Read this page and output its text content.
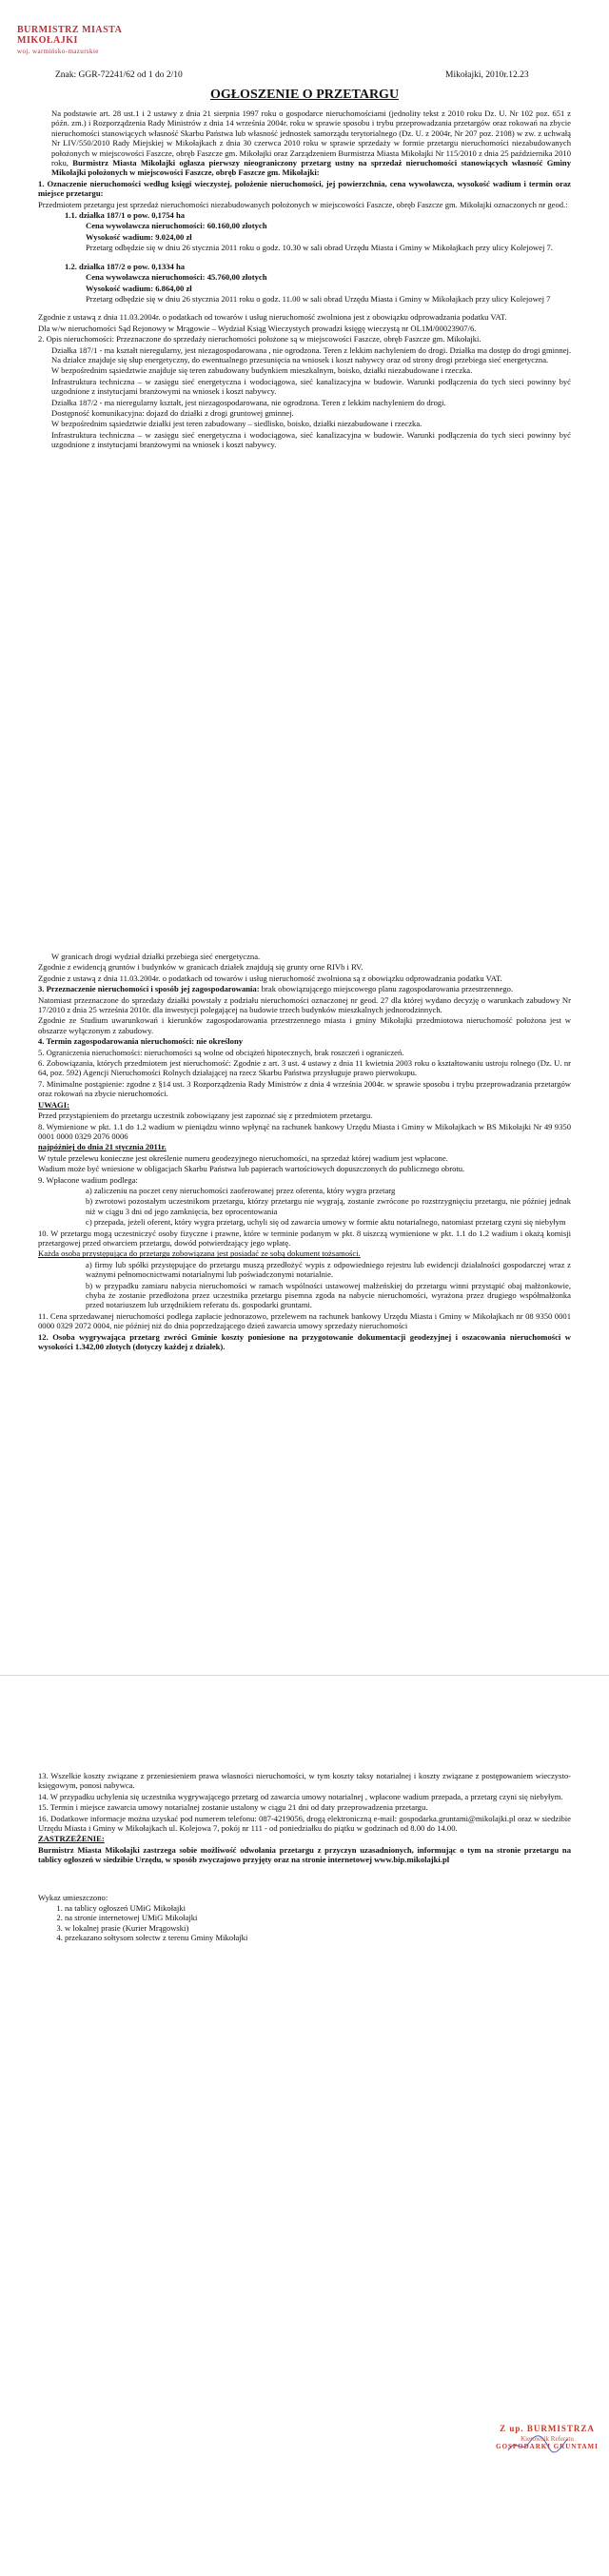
BURMISTRZ MIASTA MIKOŁAJKI
woj. warmińsko-mazurskie
Znak: GGR-72241/62 od 1 do 2/10	Mikołajki, 2010r.12.23
OGŁOSZENIE O PRZETARGU

Na podstawie art. 28 ust.1 i 2 ustawy z dnia 21 sierpnia 1997 roku o gospodarce nieruchomościami (jednolity tekst z 2010 roku Dz. U. Nr 102 poz. 651 z późn. zm.) i Rozporządzenia Rady Ministrów z dnia 14 września 2004r. roku w sprawie sposobu i trybu przeprowadzania przetargów oraz rokowań na zbycie nieruchomości stanowiących własność Skarbu Państwa lub własność jednostek samorządu terytorialnego (Dz. U. z 2004r, Nr 207 poz. 2108) w zw. z uchwałą Nr LIV/550/2010 Rady Miejskiej w Mikołajkach z dnia 30 czerwca 2010 roku w sprawie sprzedaży w formie przetargu nieruchomości niezabudowanych położonych w miejscowości Faszcze, obręb Faszcze gm. Mikołajki oraz Zarządzeniem Burmistrza Miasta Mikołajki Nr 115/2010 z dnia 25 października 2010 roku, Burmistrz Miasta Mikołajki ogłasza pierwszy nieograniczony przetarg ustny na sprzedaż nieruchomości stanowiących własność Gminy Mikołajki położonych w miejscowości Faszcze, obręb Faszcze gm. Mikołajki:

1. Oznaczenie nieruchomości według księgi wieczystej, położenie nieruchomości, jej powierzchnia, cena wywoławcza, wysokość wadium i termin oraz miejsce przetargu:

Przedmiotem przetargu jest sprzedaż nieruchomości niezabudowanych położonych w miejscowości Faszcze, obręb Faszcze gm. Mikołajki oznaczonych nr geod.:

1.1. działka 187/1 o pow. 0,1754 ha

Cena wywoławcza nieruchomości: 60.160,00 złotych

Wysokość wadium: 9.024,00 zł

Przetarg odbędzie się w dniu 26 stycznia 2011 roku o godz. 10.30 w sali obrad Urzędu Miasta i Gminy w Mikołajkach przy ulicy Kolejowej 7.

1.2. działka 187/2 o pow. 0,1334 ha

Cena wywoławcza nieruchomości: 45.760,00 złotych

Wysokość wadium: 6.864,00 zł

Przetarg odbędzie się w dniu 26 stycznia 2011 roku o godz. 11.00 w sali obrad Urzędu Miasta i Gminy w Mikołajkach przy ulicy Kolejowej 7

Zgodnie z ustawą z dnia 11.03.2004r. o podatkach od towarów i usług nieruchomość zwolniona jest z obowiązku odprowadzania podatku VAT.

Dla w/w nieruchomości Sąd Rejonowy w Mrągowie – Wydział Ksiąg Wieczystych prowadzi księgę wieczystą nr OL1M/00023907/6.

2. Opis nieruchomości: Przeznaczone do sprzedaży nieruchomości położone są w miejscowości Faszcze, obręb Faszcze gm. Mikołajki.

Działka 187/1 - ma kształt nieregularny, jest niezagospodarowana , nie ogrodzona. Teren z lekkim nachyleniem do drogi. Działka ma dostęp do drogi gminnej. Na działce znajduje się słup energetyczny, do ewentualnego przesunięcia na wniosek i koszt nabywcy oraz od strony drogi przebiega sieć energetyczna.

W bezpośrednim sąsiedztwie znajduje się teren zabudowany budynkiem mieszkalnym, boisko, działki niezabudowane i rzeczka.

Infrastruktura techniczna – w zasięgu sieć energetyczna i wodociągowa, sieć kanalizacyjna w budowie. Warunki podłączenia do tych sieci powinny być uzgodnione z instytucjami branżowymi na wniosek i koszt nabywcy.

Działka 187/2 - ma nieregularny kształt, jest niezagospodarowana, nie ogrodzona. Teren z lekkim nachyleniem do drogi.

Dostępność komunikacyjna: dojazd do działki z drogi gruntowej gminnej.

W bezpośrednim sąsiedztwie działki jest teren zabudowany – siedlisko, boisko, działki niezabudowane i rzeczka.

Infrastruktura techniczna – w zasięgu sieć energetyczna i wodociągowa, sieć kanalizacyjna w budowie. Warunki podłączenia do tych sieci powinny być uzgodnione z instytucjami branżowymi na wniosek i koszt nabywcy.

W granicach drogi wydział działki przebiega sieć energetyczna.

Zgodnie z ewidencją gruntów i budynków w granicach działek znajdują się grunty orne RIVb i RV.

Zgodnie z ustawą z dnia 11.03.2004r. o podatkach od towarów i usług nieruchomość zwolniona są z obowiązku odprowadzania podatku VAT.

3. Przeznaczenie nieruchomości i sposób jej zagospodarowania: brak obowiązującego miejscowego planu zagospodarowania przestrzennego.

Natomiast przeznaczone do sprzedaży działki powstały z podziału nieruchomości oznaczonej nr geod. 27 dla której wydano decyzję o warunkach zabudowy Nr 17/2010 z dnia 25 września 2010r. dla inwestycji polegającej na budowie trzech budynków mieszkalnych jednorodzinnych.

Zgodnie ze Studium uwarunkowań i kierunków zagospodarowania przestrzennego miasta i gminy Mikołajki przedmiotowa nieruchomość położona jest w obszarze wyłączonym z zabudowy.

4. Termin zagospodarowania nieruchomości: nie określony

5. Ograniczenia nieruchomości: nieruchomości są wolne od obciążeń hipotecznych, brak roszczeń i ograniczeń.

6. Zobowiązania, których przedmiotem jest nieruchomość: Zgodnie z art. 3 ust. 4 ustawy z dnia 11 kwietnia 2003 roku o kształtowaniu ustroju rolnego (Dz. U. nr 64, poz. 592) Agencji Nieruchomości Rolnych działającej na rzecz Skarbu Państwa przysługuje prawo pierwokupu.

7. Minimalne postąpienie: zgodne z §14 ust. 3 Rozporządzenia Rady Ministrów z dnia 4 września 2004r. w sprawie sposobu i trybu przeprowadzania przetargów oraz rokowań na zbycie nieruchomości.

UWAGI:

Przed przystąpieniem do przetargu uczestnik zobowiązany jest zapoznać się z przedmiotem przetargu.

8. Wymienione w pkt. 1.1 do 1.2 wadium w pieniądzu winno wpłynąć na rachunek bankowy Urzędu Miasta i Gminy w Mikołajkach w BS Mikołajki Nr 49 9350 0001 0000 0329 2076 0006

najpóźniej do dnia 21 stycznia 2011r.

W tytule przelewu konieczne jest określenie numeru geodezyjnego nieruchomości, na sprzedaż której wadium jest wpłacone.

Wadium może być wniesione w obligacjach Skarbu Państwa lub papierach wartościowych dopuszczonych do publicznego obrotu.

9. Wpłacone wadium podlega:

a) zaliczeniu na poczet ceny nieruchomości zaoferowanej przez oferenta, który wygra przetarg

b) zwrotowi pozostałym uczestnikom przetargu, którzy przetargu nie wygrają, zostanie zwrócone po rozstrzygnięciu przetargu, nie później jednak niż w ciągu 3 dni od jego zamknięcia, bez oprocentowania

c) przepada, jeżeli oferent, który wygra przetarg, uchyli się od zawarcia umowy w formie aktu notarialnego, natomiast przetarg czyni się niebyłym

10. W przetargu mogą uczestniczyć osoby fizyczne i prawne, które w terminie podanym w pkt. 8 uiszczą wymienione w pkt. 1.1 do 1.2 wadium i okażą komisji przetargowej przed otwarciem przetargu, dowód potwierdzający jego wpłatę.

Każda osoba przystępująca do przetargu zobowiązana jest posiadać ze sobą dokument tożsamości.

a) firmy lub spółki przystępujące do przetargu muszą przedłożyć wypis z odpowiedniego rejestru lub ewidencji działalności gospodarczej wraz z ważnymi pełnomocnictwami notarialnymi lub poświadczonymi notarialnie.

b) w przypadku zamiaru nabycia nieruchomości w ramach wspólności ustawowej małżeńskiej do przetargu winni przystąpić obaj małżonkowie, chyba że zostanie przedłożona przez uczestnika przetargu pisemna zgoda na nabycie nieruchomości, wyrażona przez drugiego współmałżonka przed notariuszem lub urzędnikiem referatu ds. gospodarki gruntami.

11. Cena sprzedawanej nieruchomości podlega zapłacie jednorazowo, przelewem na rachunek bankowy Urzędu Miasta i Gminy w Mikołajkach nr 08 9350 0001 0000 0329 2072 0004, nie później niż do dnia poprzedzającego dzień zawarcia umowy sprzedaży nieruchomości

12. Osoba wygrywająca przetarg zwróci Gminie koszty poniesione na przygotowanie dokumentacji geodezyjnej i oszacowania nieruchomości w wysokości 1.342,00 złotych (dotyczy każdej z działek).

13. Wszelkie koszty związane z przeniesieniem prawa własności nieruchomości, w tym koszty taksy notarialnej i koszty związane z postępowaniem wieczysto-księgowym, ponosi nabywca.

14. W przypadku uchylenia się uczestnika wygrywającego przetarg od zawarcia umowy notarialnej , wpłacone wadium przepada, a przetarg czyni się niebyłym.

15. Termin i miejsce zawarcia umowy notarialnej zostanie ustalony w ciągu 21 dni od daty przeprowadzenia przetargu.

16. Dodatkowe informacje można uzyskać pod numerem telefonu: 087-4219056, drogą elektroniczną e-mail: gospodarka.gruntami@mikolajki.pl oraz w siedzibie Urzędu Miasta i Gminy w Mikołajkach ul. Kolejowa 7, pokój nr 111 - od poniedziałku do piątku w godzinach od 8.00 do 14.00.

ZASTRZEŻENIE:

Burmistrz Miasta Mikołajki zastrzega sobie możliwość odwołania przetargu z przyczyn uzasadnionych, informując o tym na stronie przetargu na tablicy ogłoszeń w siedzibie Urzędu, w sposób zwyczajowo przyjęty oraz na stronie internetowej www.bip.mikolajki.pl

Wykaz umieszczono:

1. na tablicy ogłoszeń UMiG Mikołajki
2. na stronie internetowej UMiG Mikołajki
3. w lokalnej prasie (Kurier Mrągowski)
4. przekazano sołtysom sołectw z terenu Gminy Mikołajki
Z up. BURMISTRZA
Kierownik Referatu
GOSPODARKI GRUNTAMI
